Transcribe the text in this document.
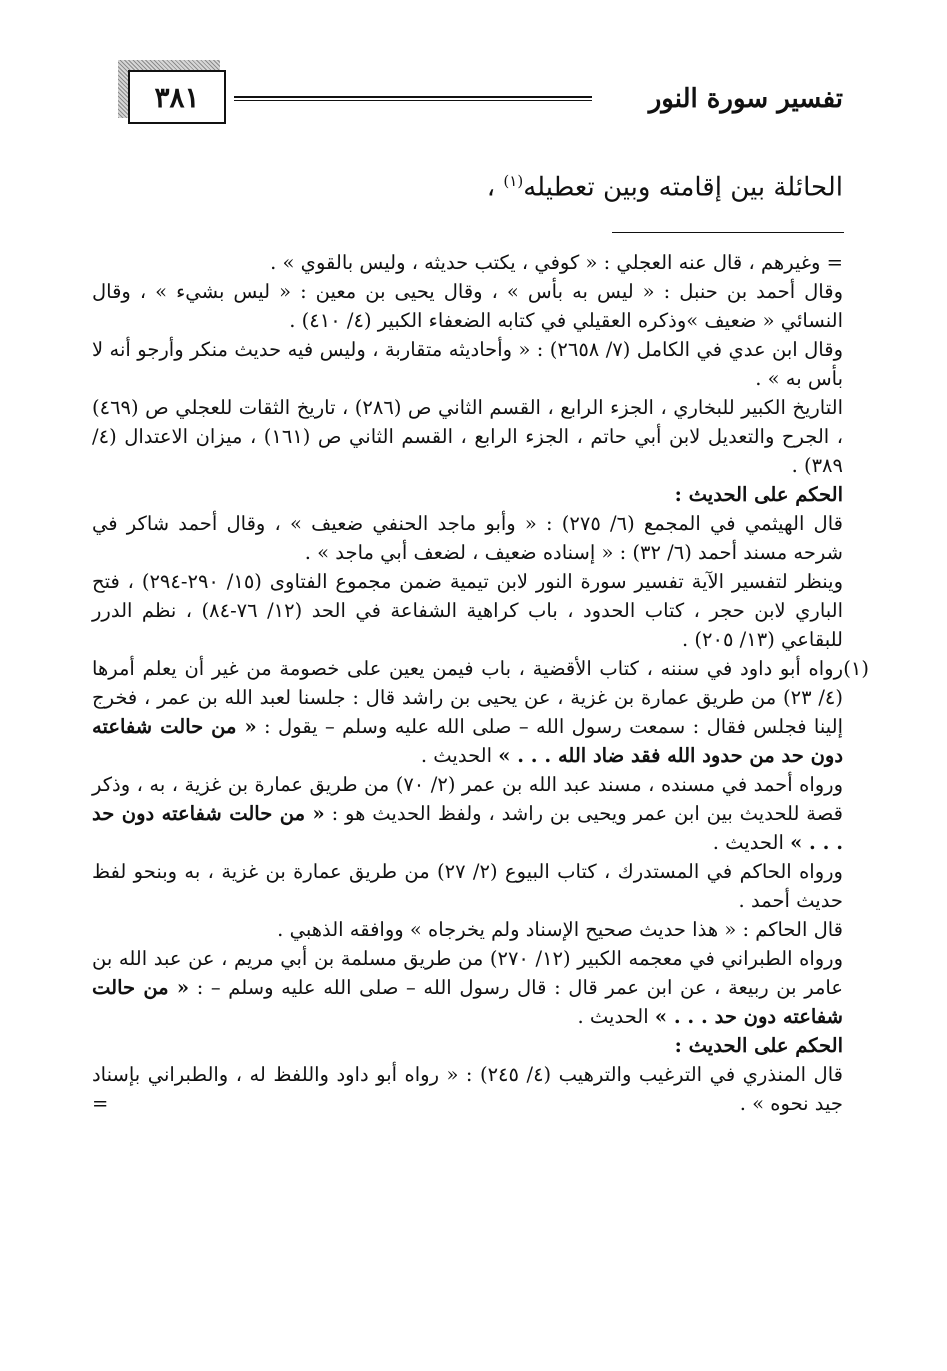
٣٨١	تفسير سورة النور
الحائلة بين إقامته وبين تعطيله$^{(١)}$ ،

= وغيرهم ، قال عنه العجلي : « كوفي ، يكتب حديثه ، وليس بالقوي » .

وقال أحمد بن حنبل : « ليس به بأس » ، وقال يحيى بن معين : « ليس بشيء » ، وقال النسائي « ضعيف »وذكره العقيلي في كتابه الضعفاء الكبير (٤/ ٤١٠) .

وقال ابن عدي في الكامل (٧/ ٢٦٥٨) : « وأحاديثه متقاربة ، وليس فيه حديث منكر وأرجو أنه لا بأس به » .

التاريخ الكبير للبخاري ، الجزء الرابع ، القسم الثاني ص (٢٨٦) ، تاريخ الثقات للعجلي ص (٤٦٩) ، الجرح والتعديل لابن أبي حاتم ، الجزء الرابع ، القسم الثاني ص (١٦١) ، ميزان الاعتدال (٤/ ٣٨٩) .

الحكم على الحديث :

قال الهيثمي في المجمع (٦/ ٢٧٥) : « وأبو ماجد الحنفي ضعيف » ، وقال أحمد شاكر في شرحه مسند أحمد (٦/ ٣٢) : « إسناده ضعيف ، لضعف أبي ماجد » .

وينظر لتفسير الآية تفسير سورة النور لابن تيمية ضمن مجموع الفتاوى (١٥/ ٢٩٠-٢٩٤) ، فتح الباري لابن حجر ، كتاب الحدود ، باب كراهية الشفاعة في الحد (١٢/ ٧٦-٨٤) ، نظم الدرر للبقاعي (١٣/ ٢٠٥) .

(١)
رواه أبو داود في سننه ، كتاب الأقضية ، باب فيمن يعين على خصومة من غير أن يعلم أمرها (٤/ ٢٣) من طريق عمارة بن غزية ، عن يحيى بن راشد قال : جلسنا لعبد الله بن عمر ، فخرج إلينا فجلس فقال : سمعت رسول الله – صلى الله عليه وسلم – يقول : « من حالت شفاعته دون حد من حدود الله فقد ضاد الله . . . » الحديث .

ورواه أحمد في مسنده ، مسند عبد الله بن عمر (٢/ ٧٠) من طريق عمارة بن غزية ، به ، وذكر قصة للحديث بين ابن عمر ويحيى بن راشد ، ولفظ الحديث هو : « من حالت شفاعته دون حد . . . » الحديث .

ورواه الحاكم في المستدرك ، كتاب البيوع (٢/ ٢٧) من طريق عمارة بن غزية ، به وبنحو لفظ حديث أحمد .

قال الحاكم : « هذا حديث صحيح الإسناد ولم يخرجاه » ووافقه الذهبي .

ورواه الطبراني في معجمه الكبير (١٢/ ٢٧٠) من طريق مسلمة بن أبي مريم ، عن عبد الله بن عامر بن ربيعة ، عن ابن عمر قال : قال رسول الله – صلى الله عليه وسلم – : « من حالت شفاعته دون حد . . . » الحديث .

الحكم على الحديث :

قال المنذري في الترغيب والترهيب (٤/ ٢٤٥) : « رواه أبو داود واللفظ له ، والطبراني بإسناد جيد نحوه » .

=
